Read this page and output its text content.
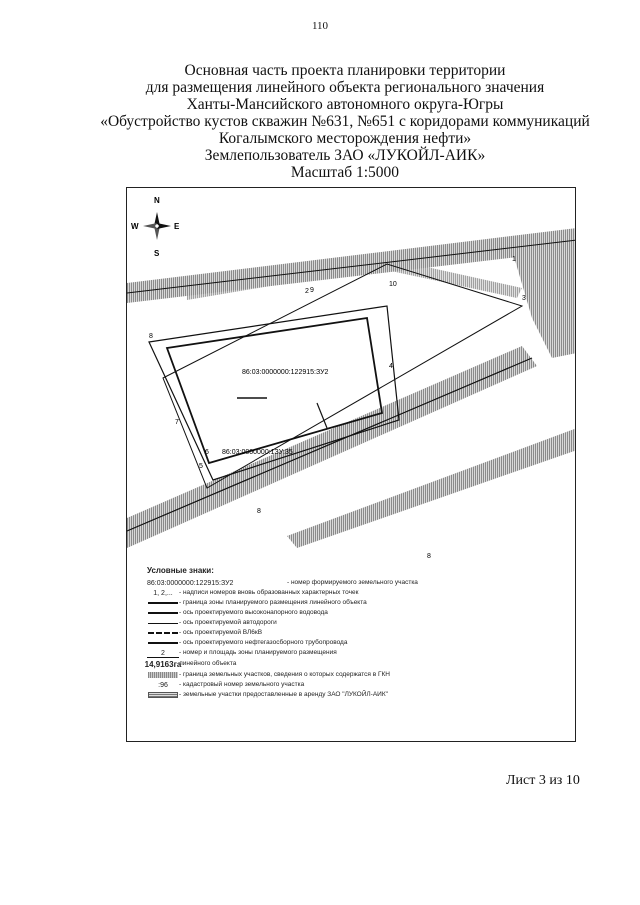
110
Основная часть проекта планировки территории
для размещения линейного объекта регионального значения
Ханты-Мансийского автономного округа-Югры
«Обустройство кустов скважин №631, №651 с коридорами коммуникаций
Когалымского месторождения нефти»
Землепользователь ЗАО «ЛУКОЙЛ-АИК»
Масштаб 1:5000
N
S
W	E
86:03:0000000:122915:ЗУ2
86:03:0000000:1ЗУ:35
1
2
3
4
5
6
7
8
9
10
8
8
Условные знаки:
86:03:0000000:122915:ЗУ2	- номер формируемого земельного участка
1, 2,... - надписи номеров вновь образованных характерных точек
- граница зоны планируемого размещения линейного объекта
- ось проектируемого высоконапорного водовода
- ось проектируемой автодороги
- ось проектируемой ВЛ6кВ
- ось проектируемого нефтегазосборного трубопровода
2	- номер и площадь зоны планируемого размещения
14,9163га
линейного объекта
- граница земельных участков, сведения о которых содержатся в ГКН
:96	- кадастровый номер земельного участка
- земельные участки предоставленные в аренду ЗАО "ЛУКОЙЛ-АИК"
Лист 3 из 10
